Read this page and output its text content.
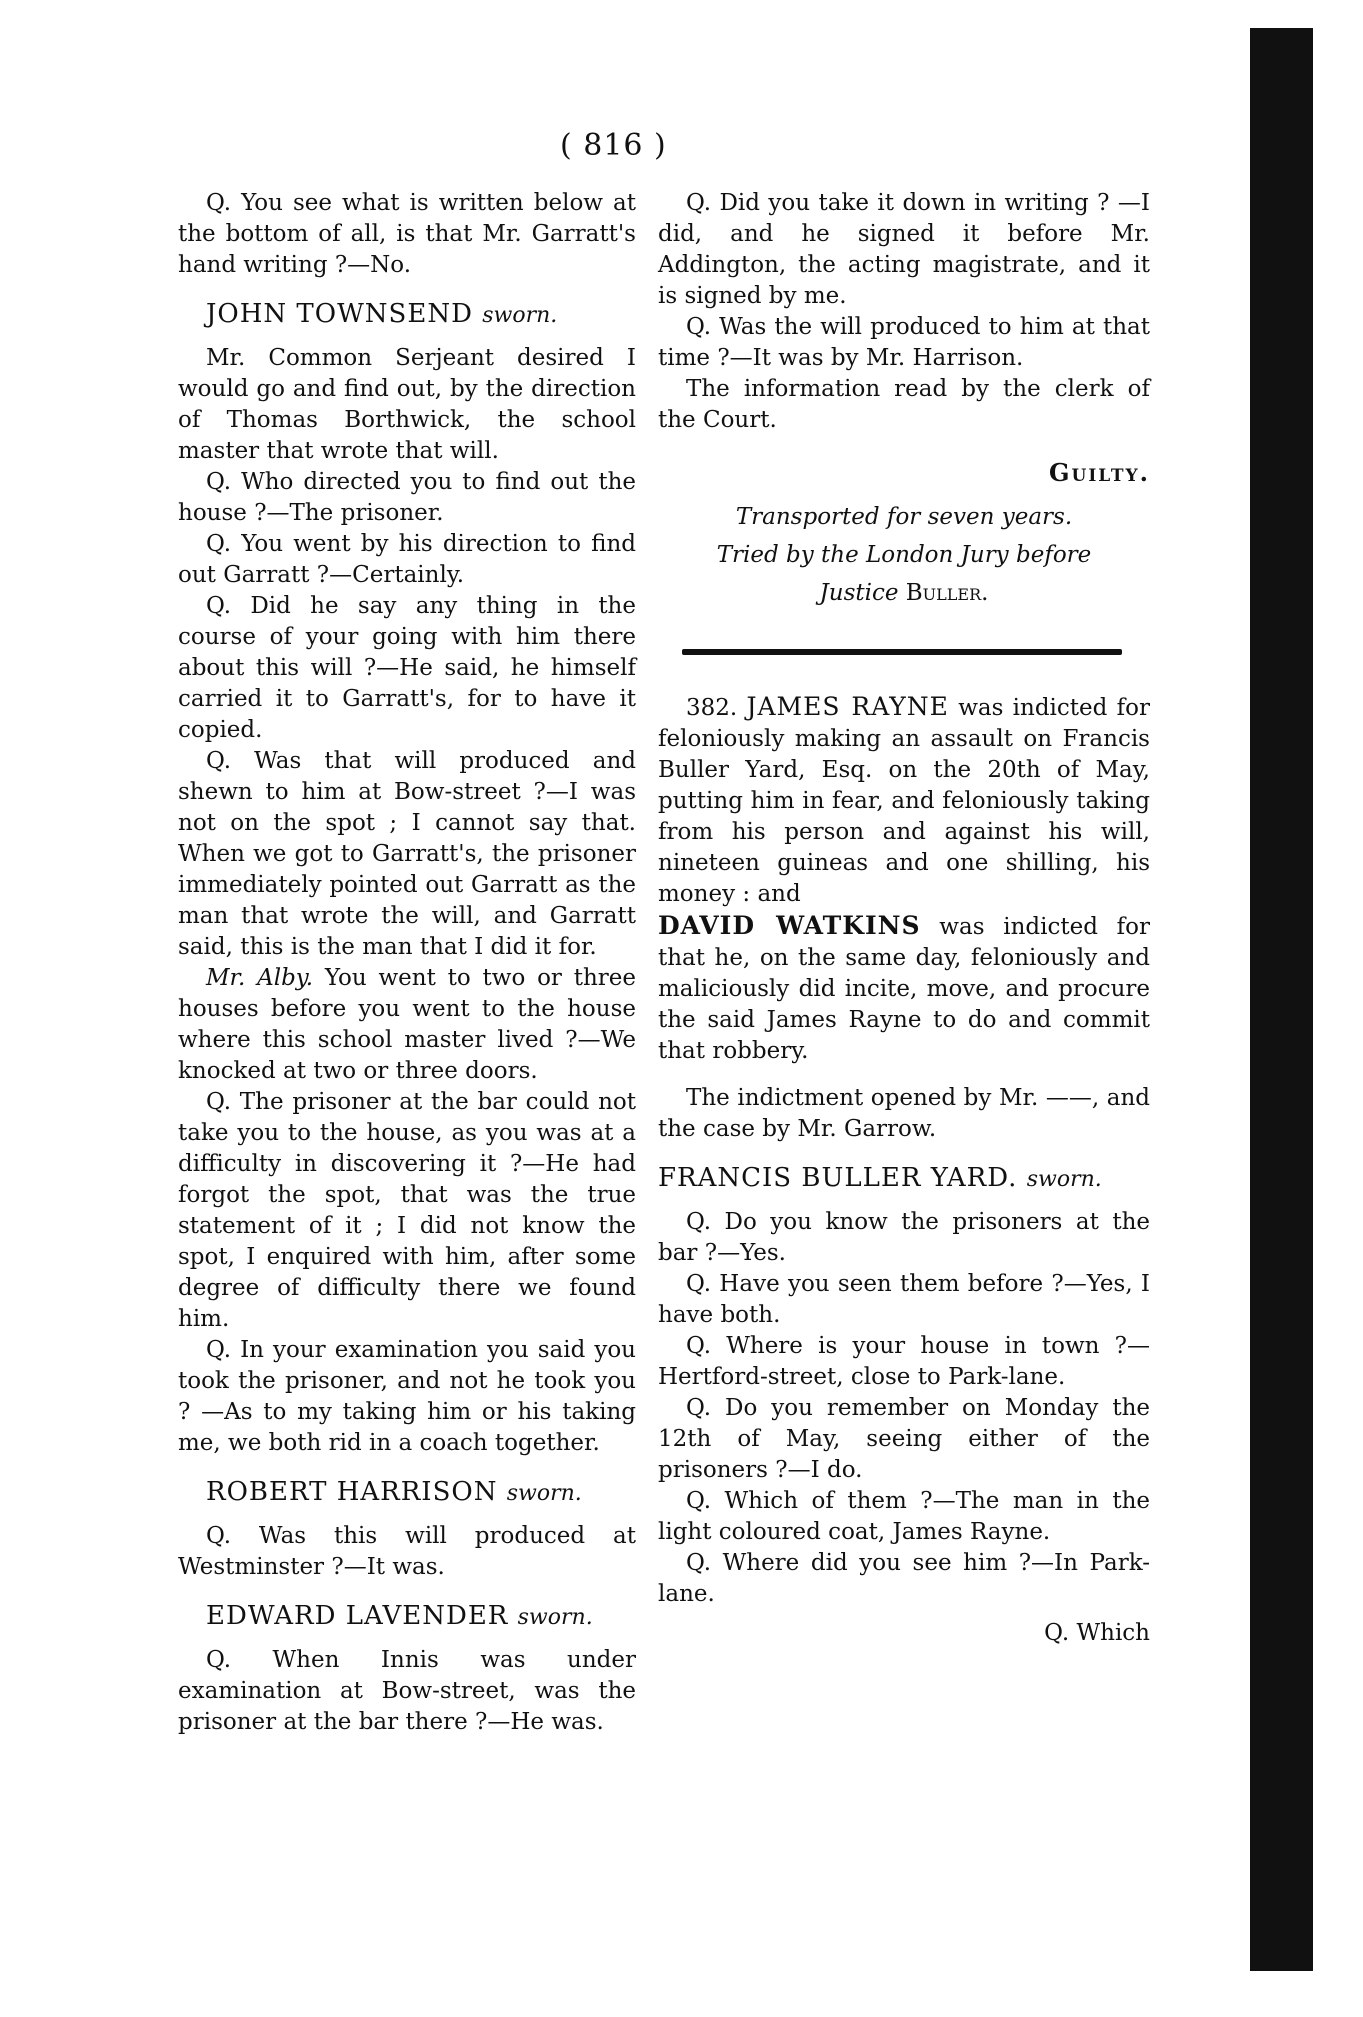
( 816 )

Q. You see what is written below at the bottom of all, is that Mr. Garratt's hand writing ?—No.

JOHN TOWNSEND sworn.

Mr. Common Serjeant desired I would go and find out, by the direction of Thomas Borthwick, the school master that wrote that will.

Q. Who directed you to find out the house ?—The prisoner.

Q. You went by his direction to find out Garratt ?—Certainly.

Q. Did he say any thing in the course of your going with him there about this will ?—He said, he himself carried it to Garratt's, for to have it copied.

Q. Was that will produced and shewn to him at Bow-street ?—I was not on the spot ; I cannot say that. When we got to Garratt's, the prisoner immediately pointed out Garratt as the man that wrote the will, and Garratt said, this is the man that I did it for.

Mr. Alby. You went to two or three houses before you went to the house where this school master lived ?—We knocked at two or three doors.

Q. The prisoner at the bar could not take you to the house, as you was at a difficulty in discovering it ?—He had forgot the spot, that was the true statement of it ; I did not know the spot, I enquired with him, after some degree of difficulty there we found him.

Q. In your examination you said you took the prisoner, and not he took you ? —As to my taking him or his taking me, we both rid in a coach together.

ROBERT HARRISON sworn.

Q. Was this will produced at Westminster ?—It was.

EDWARD LAVENDER sworn.

Q. When Innis was under examination at Bow-street, was the prisoner at the bar there ?—He was.

Q. Did you take it down in writing ? —I did, and he signed it before Mr. Addington, the acting magistrate, and it is signed by me.

Q. Was the will produced to him at that time ?—It was by Mr. Harrison.

The information read by the clerk of the Court.

Guilty.
Transported for seven years.
Tried by the London Jury before
Justice Buller.

382. JAMES RAYNE was indicted for feloniously making an assault on Francis Buller Yard, Esq. on the 20th of May, putting him in fear, and feloniously taking from his person and against his will, nineteen guineas and one shilling, his money : and

DAVID WATKINS was indicted for that he, on the same day, feloniously and maliciously did incite, move, and procure the said James Rayne to do and commit that robbery.

The indictment opened by Mr. ——, and the case by Mr. Garrow.

FRANCIS BULLER YARD. sworn.

Q. Do you know the prisoners at the bar ?—Yes.

Q. Have you seen them before ?—Yes, I have both.

Q. Where is your house in town ?—Hertford-street, close to Park-lane.

Q. Do you remember on Monday the 12th of May, seeing either of the prisoners ?—I do.

Q. Which of them ?—The man in the light coloured coat, James Rayne.

Q. Where did you see him ?—In Park-lane.

Q. Which
